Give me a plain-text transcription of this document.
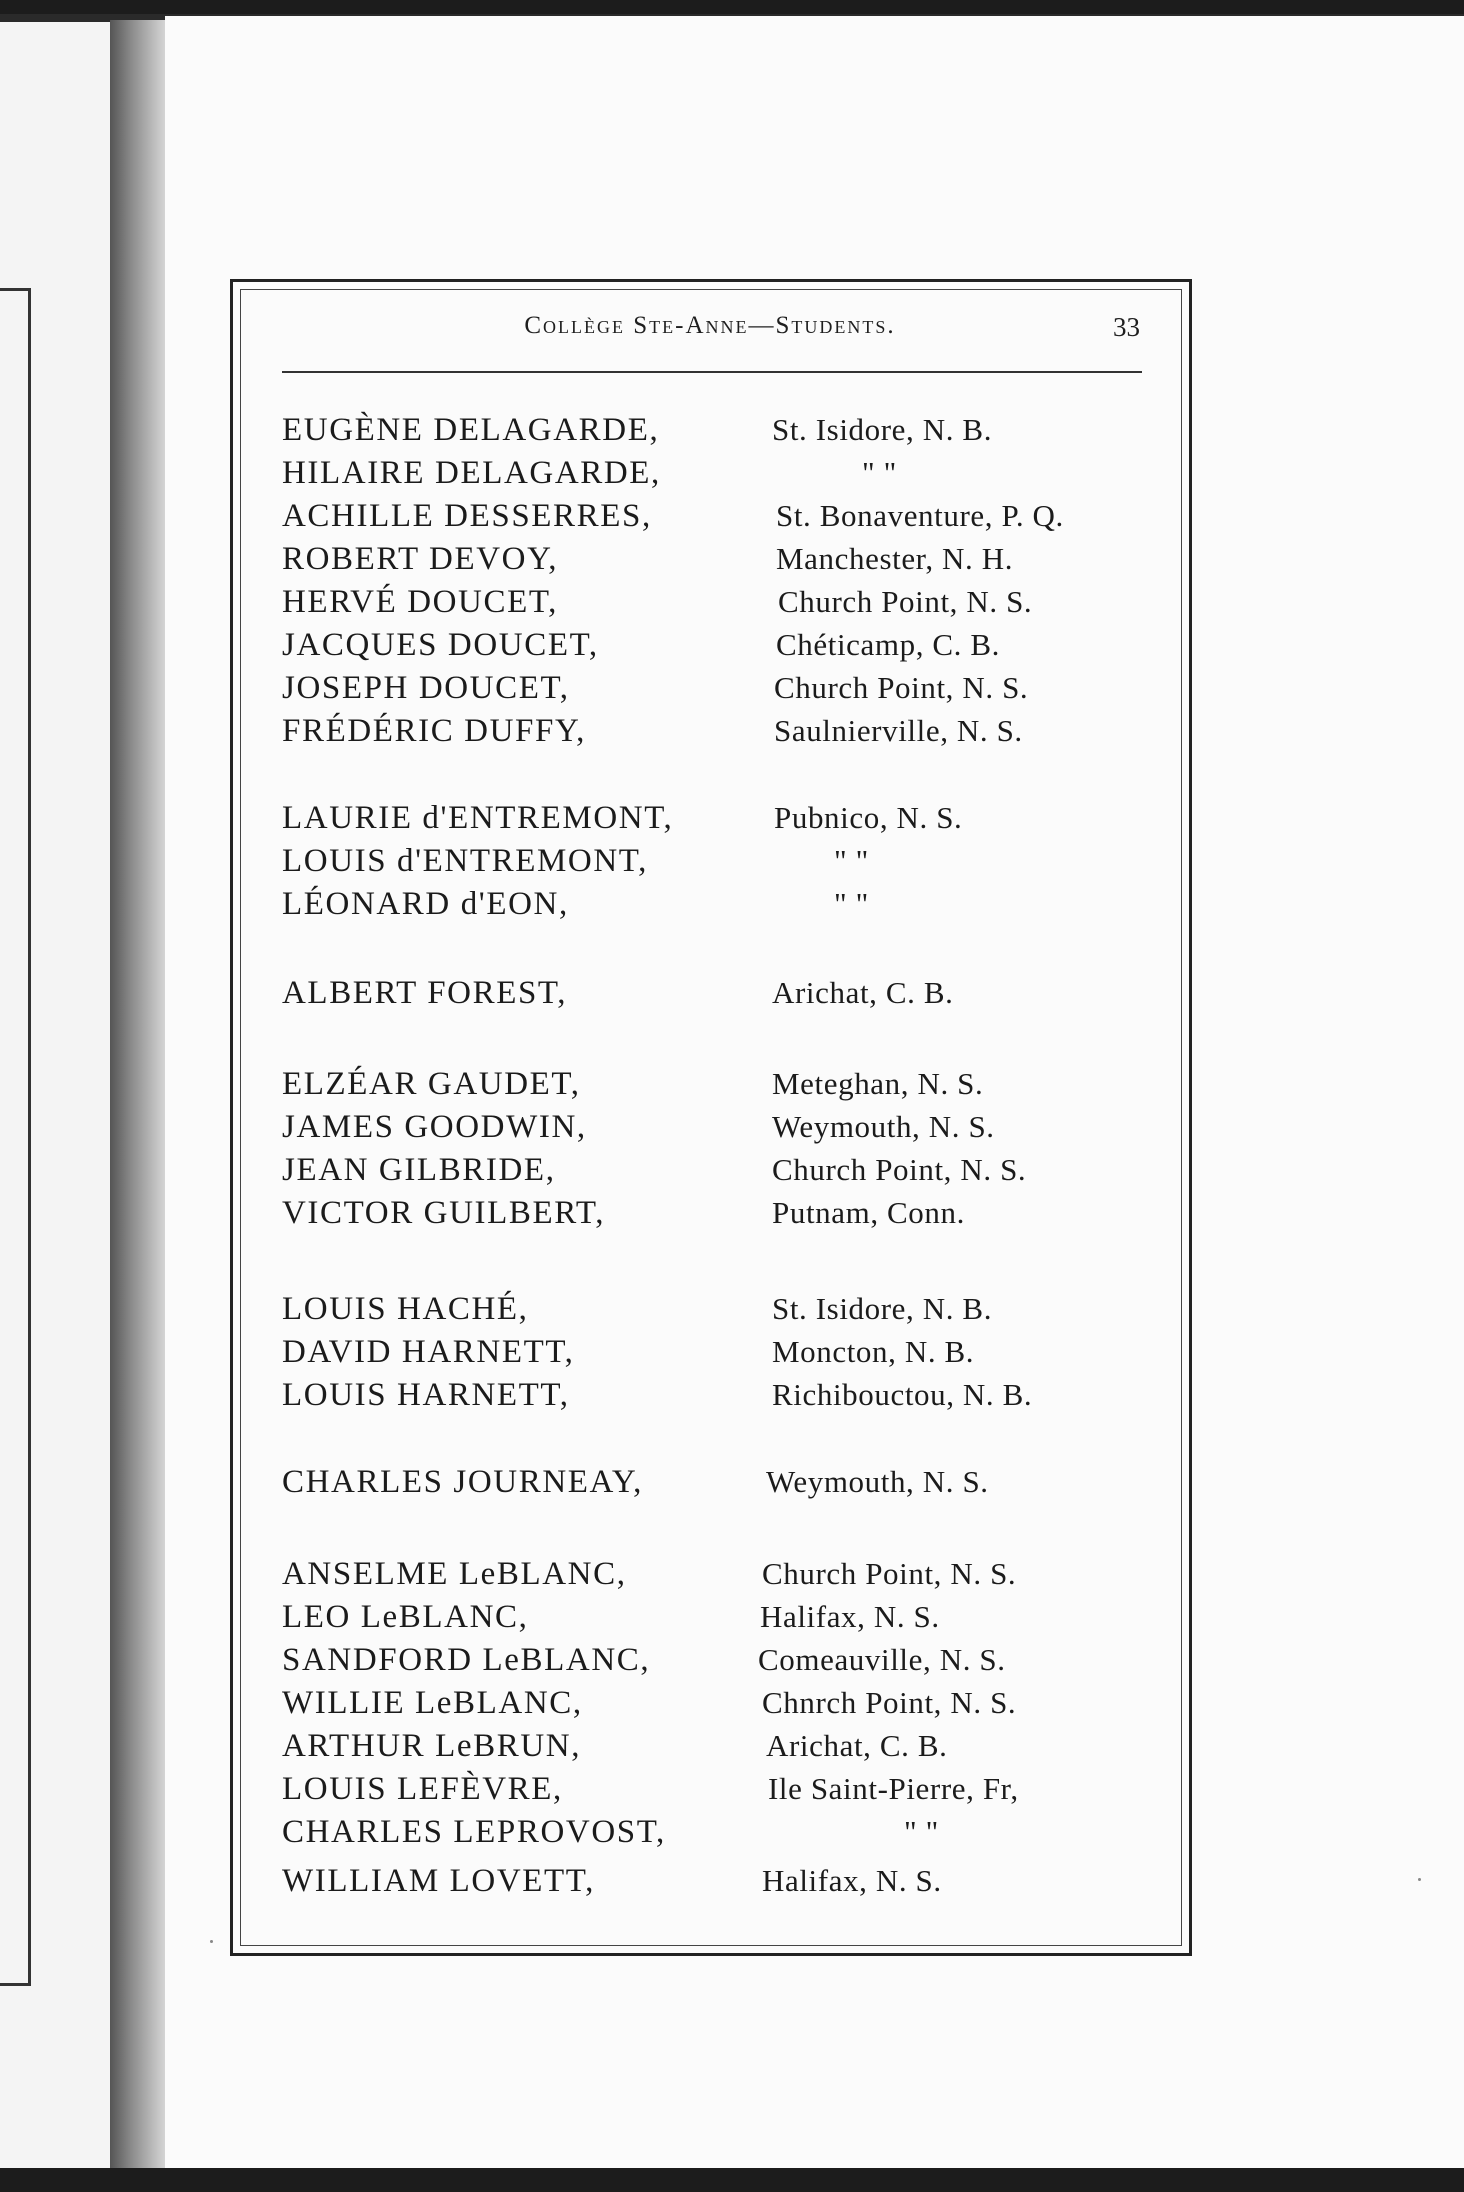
Collège Ste-Anne—Students.	33
EUGÈNE DELAGARDE,	St. Isidore, N. B.
HILAIRE DELAGARDE,	" "
ACHILLE DESSERRES,	St. Bonaventure, P. Q.
ROBERT DEVOY,	Manchester, N. H.
HERVÉ DOUCET,	Church Point, N. S.
JACQUES DOUCET,	Chéticamp, C. B.
JOSEPH DOUCET,	Church Point, N. S.
FRÉDÉRIC DUFFY,	Saulnierville, N. S.
LAURIE d'ENTREMONT,	Pubnico, N. S.
LOUIS d'ENTREMONT,	" "
LÉONARD d'EON,	" "
ALBERT FOREST,	Arichat, C. B.
ELZÉAR GAUDET,	Meteghan, N. S.
JAMES GOODWIN,	Weymouth, N. S.
JEAN GILBRIDE,	Church Point, N. S.
VICTOR GUILBERT,	Putnam, Conn.
LOUIS HACHÉ,	St. Isidore, N. B.
DAVID HARNETT,	Moncton, N. B.
LOUIS HARNETT,	Richibouctou, N. B.
CHARLES JOURNEAY,	Weymouth, N. S.
ANSELME LeBLANC,	Church Point, N. S.
LEO LeBLANC,	Halifax, N. S.
SANDFORD LeBLANC,	Comeauville, N. S.
WILLIE LeBLANC,	Chnrch Point, N. S.
ARTHUR LeBRUN,	Arichat, C. B.
LOUIS LEFÈVRE,	Ile Saint-Pierre, Fr,
CHARLES LEPROVOST,	" "
WILLIAM LOVETT,	Halifax, N. S.
